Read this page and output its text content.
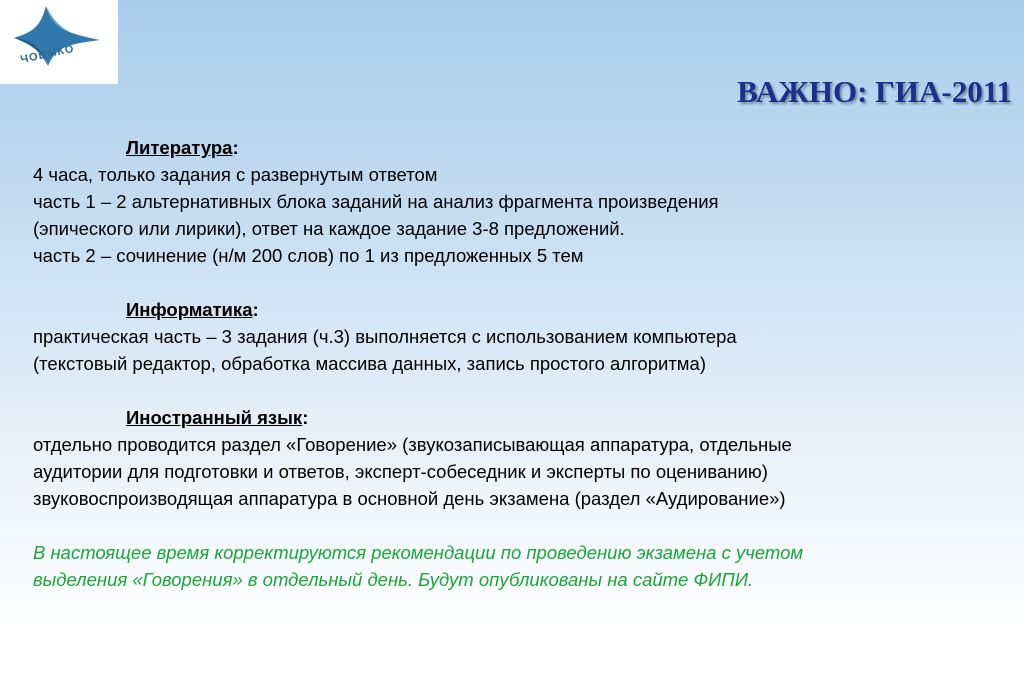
ЧОЦМКО
ВАЖНО: ГИА-2011
Литература:
4 часа, только задания с развернутым ответом
часть 1 – 2 альтернативных блока заданий на анализ фрагмента произведения
(эпического или лирики), ответ на каждое задание 3-8 предложений.
часть 2 – сочинение (н/м 200 слов) по 1 из предложенных 5 тем
Информатика:
практическая часть – 3 задания (ч.3) выполняется с использованием компьютера
(текстовый редактор, обработка массива данных, запись простого алгоритма)
Иностранный язык:
отдельно проводится раздел «Говорение» (звукозаписывающая аппаратура, отдельные
аудитории для подготовки и ответов, эксперт-собеседник и эксперты по оцениванию)
звуковоспроизводящая аппаратура в основной день экзамена (раздел «Аудирование»)
В настоящее время корректируются рекомендации по проведению экзамена с учетом
выделения «Говорения» в отдельный день. Будут опубликованы на сайте ФИПИ.
